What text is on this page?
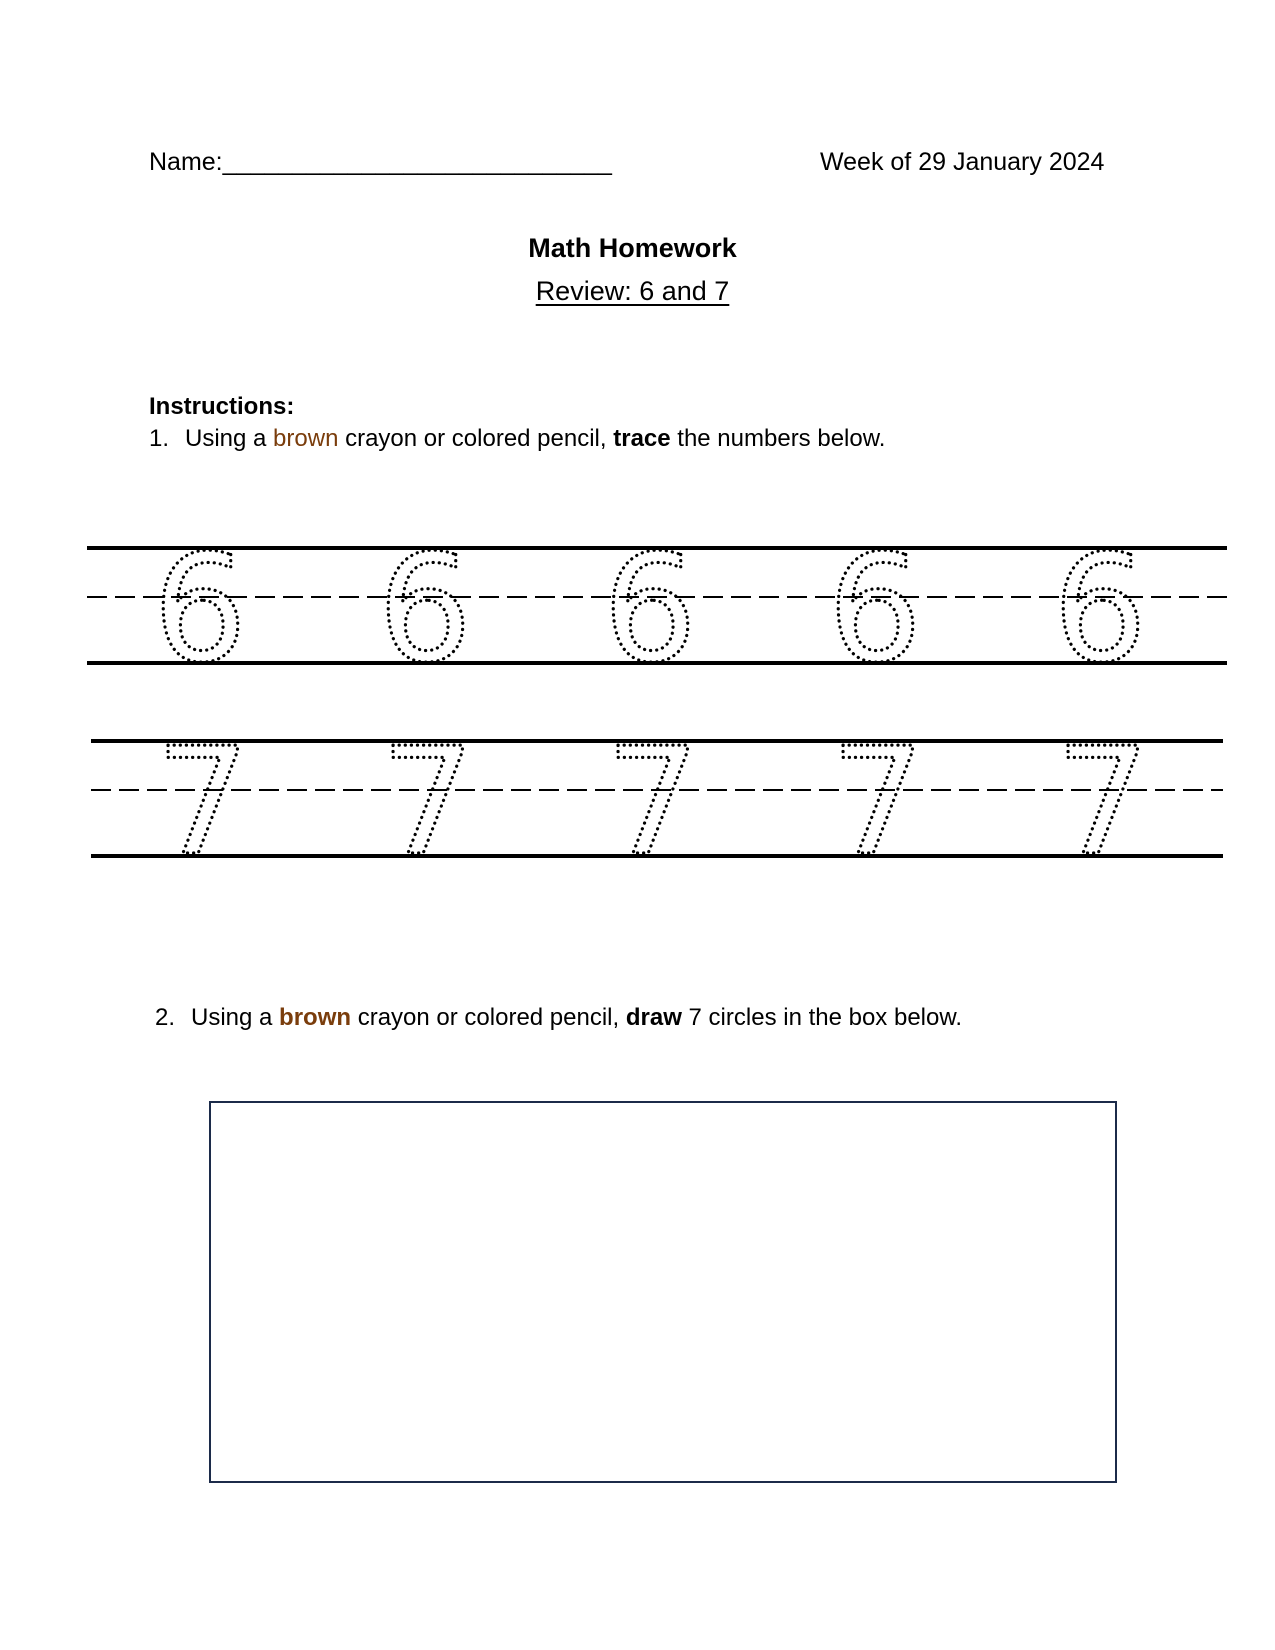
Name:____________________________	Week of 29 January 2024
Math Homework
Review: 6 and 7
Instructions:
1. Using a brown crayon or colored pencil, trace the numbers below.
6 6 6 6 6
7 7 7 7 7
2. Using a brown crayon or colored pencil, draw 7 circles in the box below.
